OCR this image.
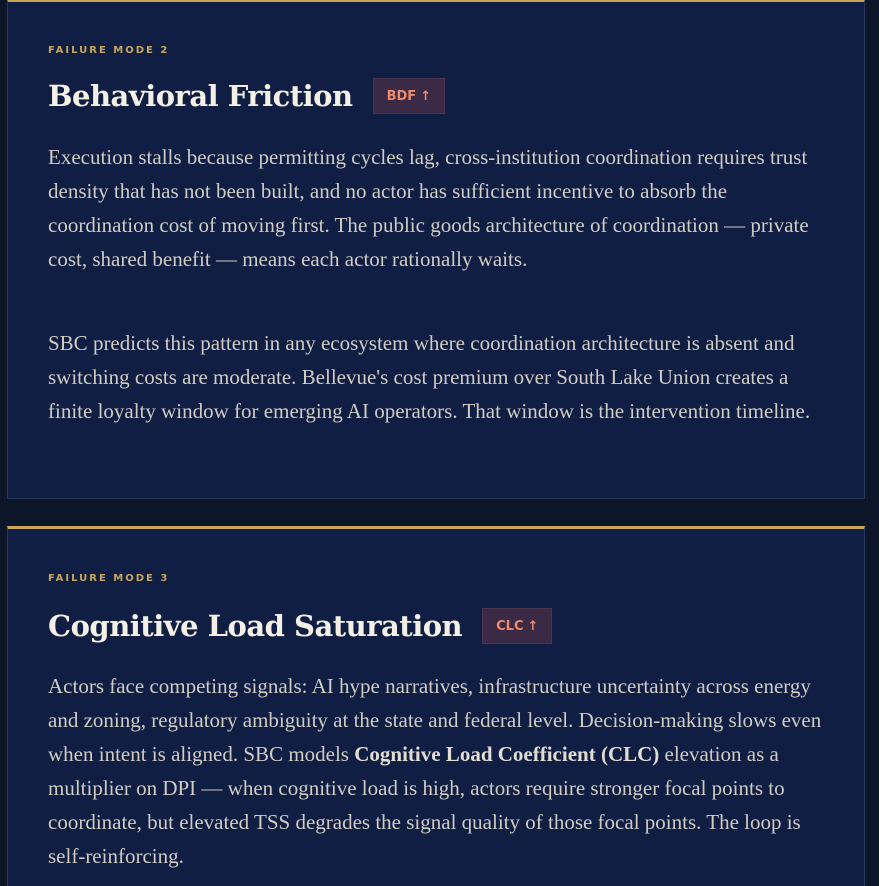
FAILURE MODE 2
Behavioral Friction	BDF ↑

Execution stalls because permitting cycles lag, cross-institution coordination requires trust density that has not been built, and no actor has sufficient incentive to absorb the coordination cost of moving first. The public goods architecture of coordination — private cost, shared benefit — means each actor rationally waits.

SBC predicts this pattern in any ecosystem where coordination architecture is absent and switching costs are moderate. Bellevue's cost premium over South Lake Union creates a finite loyalty window for emerging AI operators. That window is the intervention timeline.

FAILURE MODE 3
Cognitive Load Saturation	CLC ↑

Actors face competing signals: AI hype narratives, infrastructure uncertainty across energy and zoning, regulatory ambiguity at the state and federal level. Decision-making slows even when intent is aligned. SBC models Cognitive Load Coefficient (CLC) elevation as a multiplier on DPI — when cognitive load is high, actors require stronger focal points to coordinate, but elevated TSS degrades the signal quality of those focal points. The loop is self-reinforcing.
